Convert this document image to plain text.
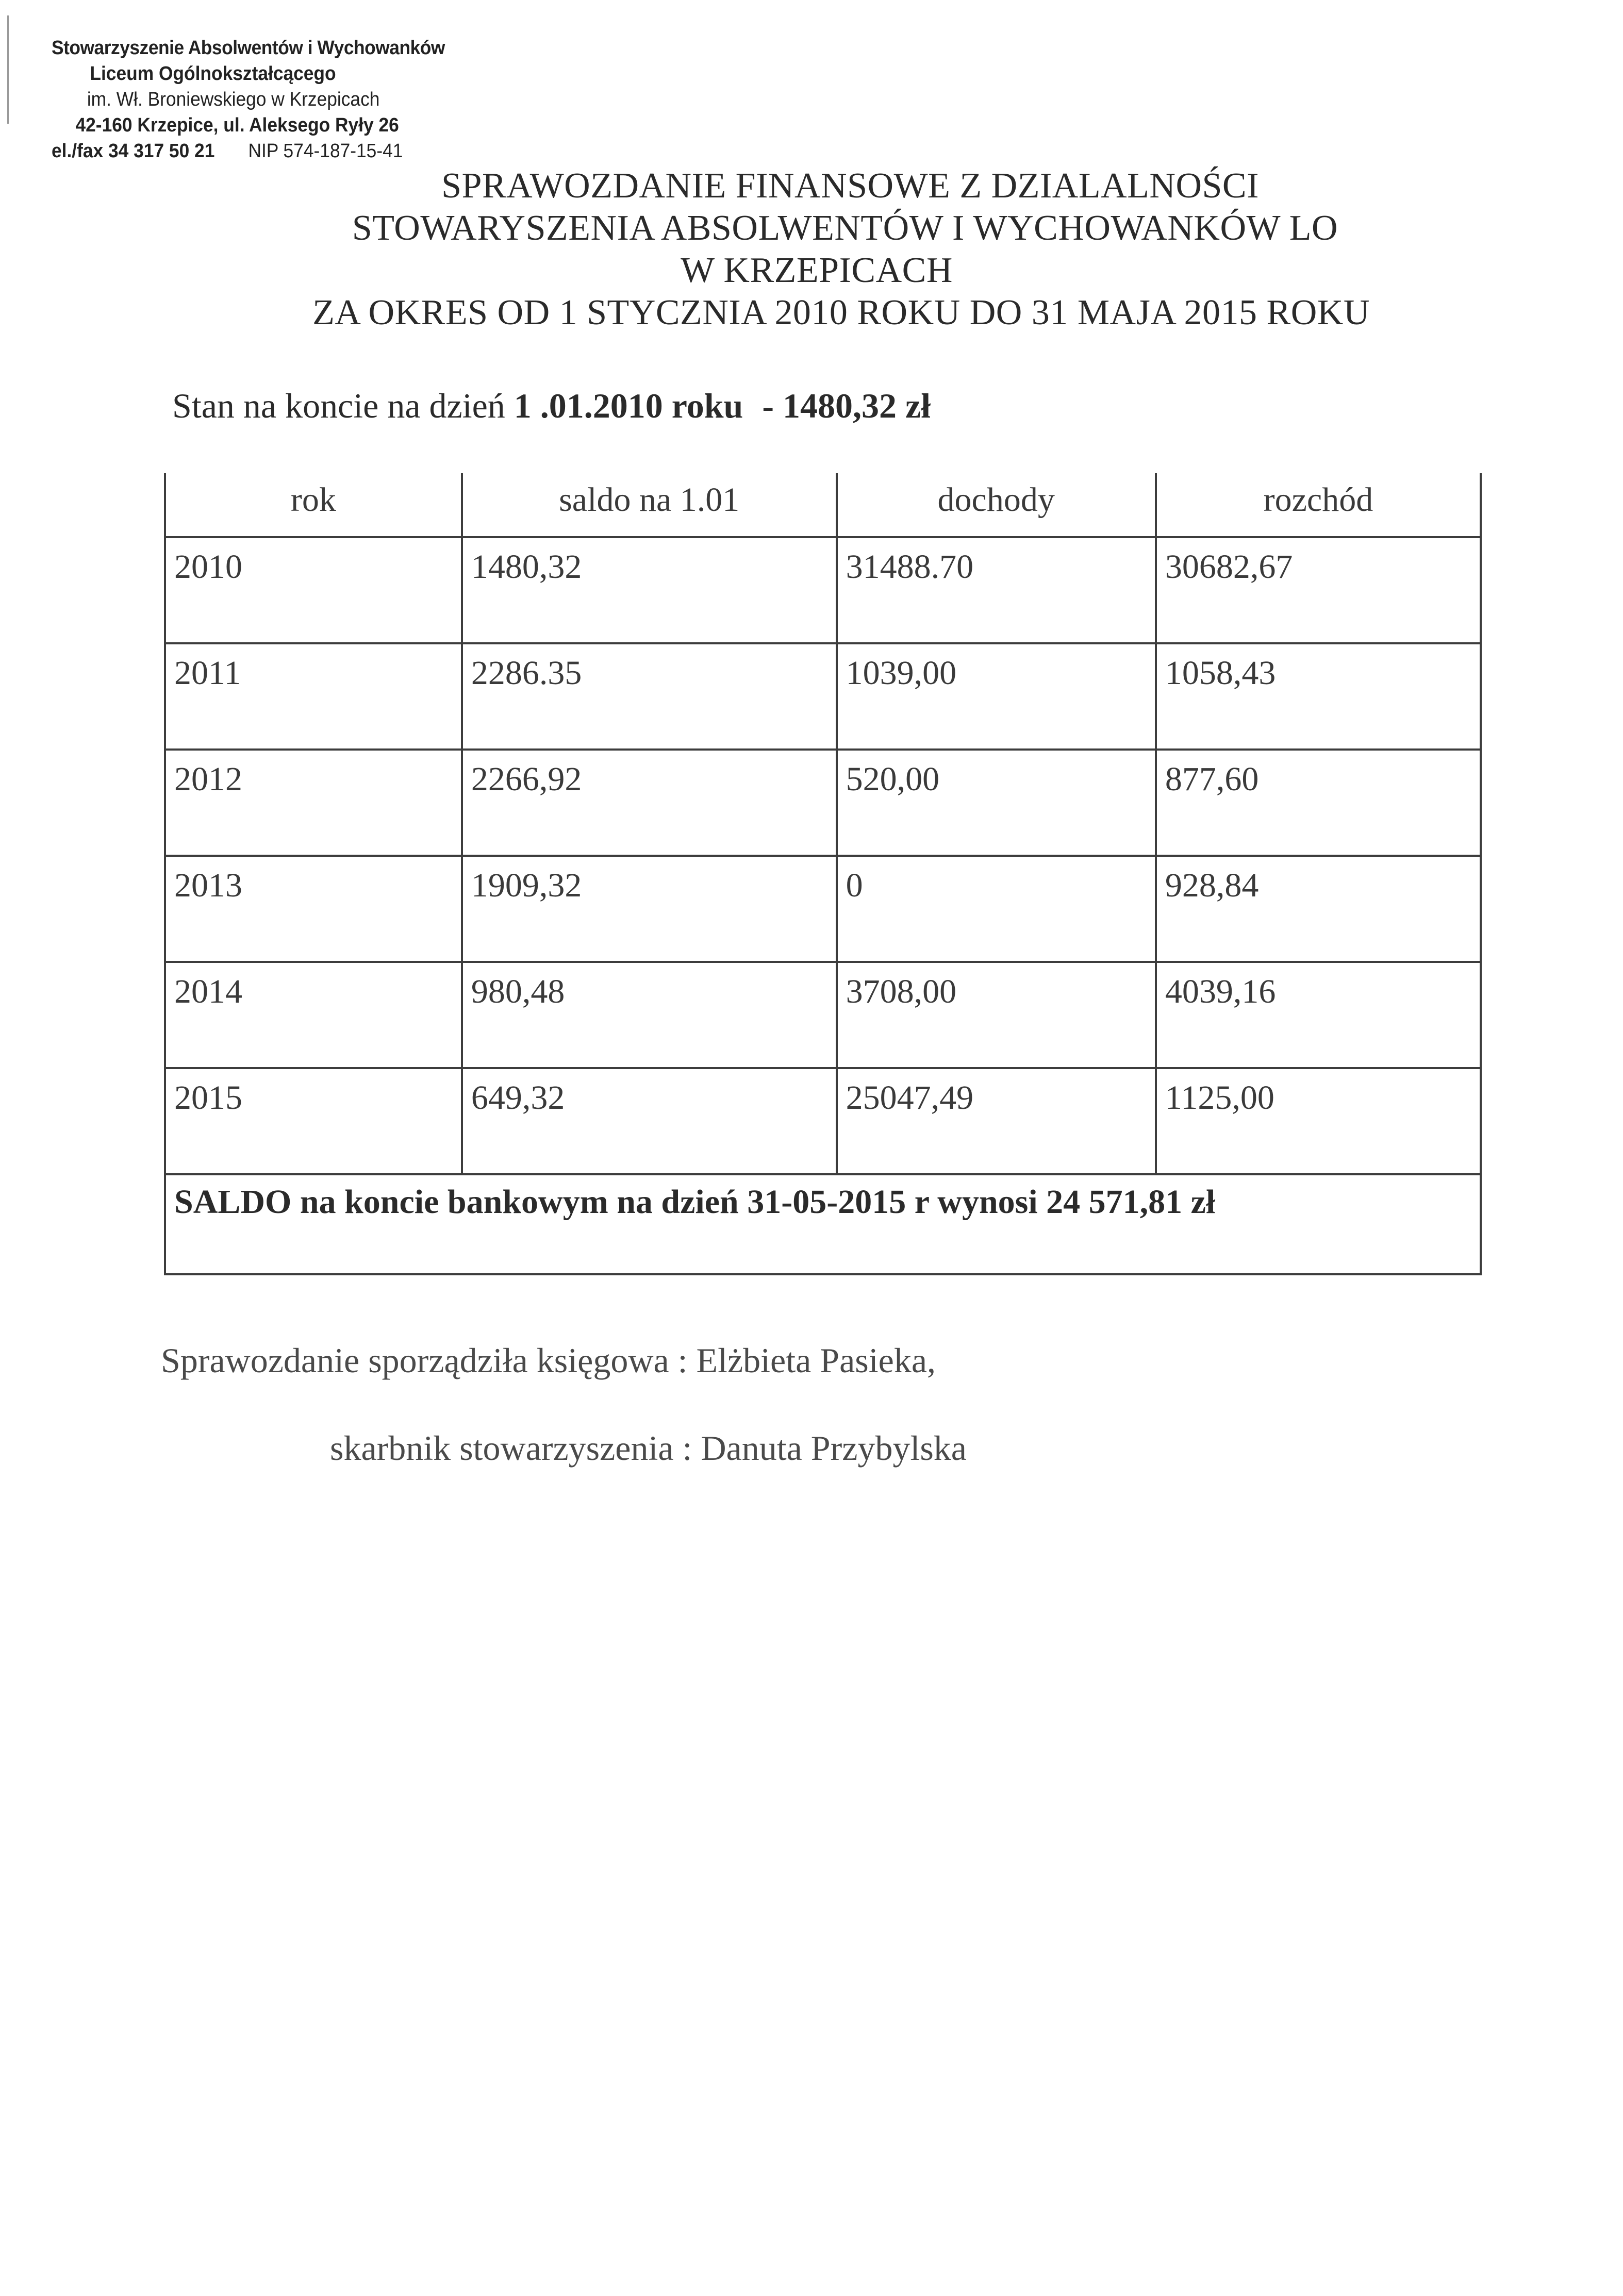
Stowarzyszenie Absolwentów i Wychowanków
Liceum Ogólnokształcącego
im. Wł. Broniewskiego w Krzepicach
42-160 Krzepice, ul. Aleksego Ryły 26
el./fax 34 317 50 21 NIP 574-187-15-41
SPRAWOZDANIE FINANSOWE Z DZIALALNOŚCI
STOWARYSZENIA ABSOLWENTÓW I WYCHOWANKÓW LO
W KRZEPICACH
ZA OKRES OD 1 STYCZNIA 2010 ROKU DO 31 MAJA 2015 ROKU
Stan na koncie na dzień 1 .01.2010 roku - 1480,32 zł
rok	saldo na 1.01	dochody	rozchód
2010	1480,32	31488.70	30682,67
2011	2286.35	1039,00	1058,43
2012	2266,92	520,00	877,60
2013	1909,32	0	928,84
2014	980,48	3708,00	4039,16
2015	649,32	25047,49	1125,00
SALDO na koncie bankowym na dzień 31-05-2015 r wynosi 24 571,81 zł			
Sprawozdanie sporządziła księgowa : Elżbieta Pasieka,
skarbnik stowarzyszenia : Danuta Przybylska
